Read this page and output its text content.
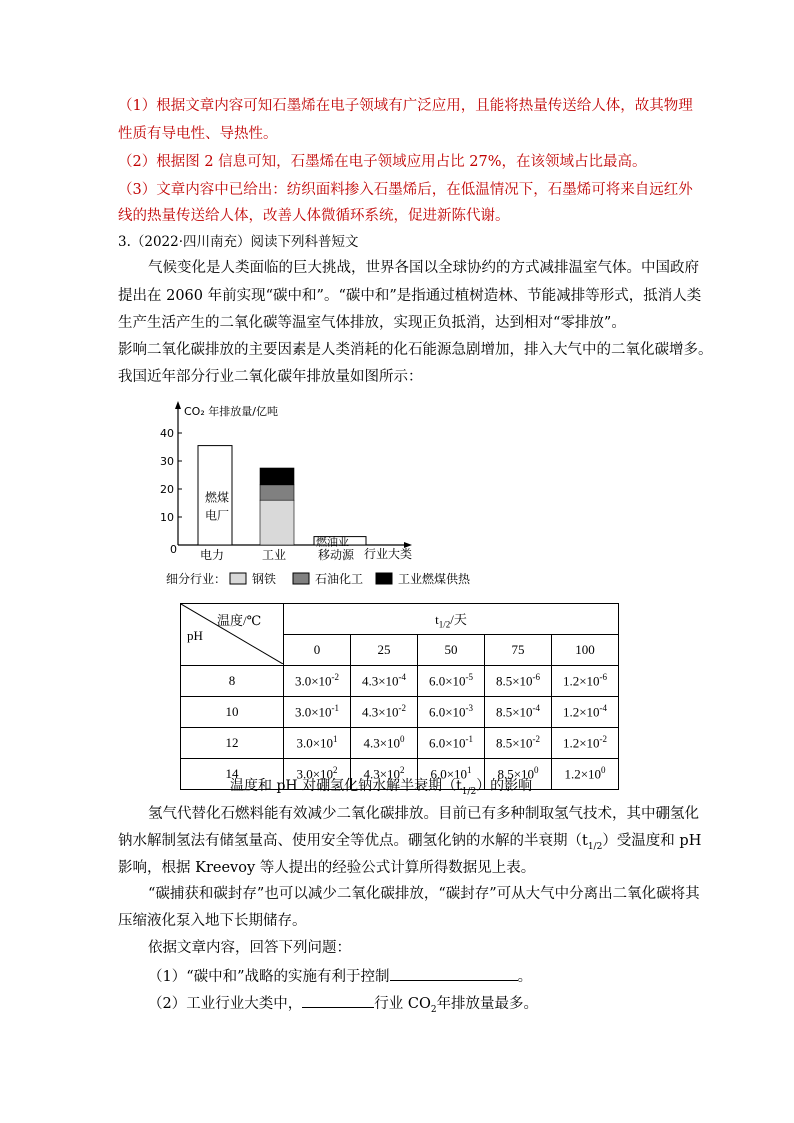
（1）根据文章内容可知石墨烯在电子领域有广泛应用，且能将热量传送给人体，故其物理
性质有导电性、导热性。
（2）根据图 2 信息可知，石墨烯在电子领域应用占比 27%，在该领域占比最高。
（3）文章内容中已给出：纺织面料掺入石墨烯后，在低温情况下，石墨烯可将来自远红外
线的热量传送给人体，改善人体微循环系统，促进新陈代谢。
3.（2022·四川南充）阅读下列科普短文
气候变化是人类面临的巨大挑战，世界各国以全球协约的方式减排温室气体。中国政府
提出在 2060 年前实现“碳中和”。“碳中和”是指通过植树造林、节能减排等形式，抵消人类
生产生活产生的二氧化碳等温室气体排放，实现正负抵消，达到相对“零排放”。
影响二氧化碳排放的主要因素是人类消耗的化石能源急剧增加，排入大气中的二氧化碳增多。
我国近年部分行业二氧化碳年排放量如图所示：
CO₂ 年排放量/亿吨
行业大类
40
30
20
10
0 电力	工业	移动源
燃煤
电厂
燃油业
细分行业： 钢铁	石油化工	工业燃煤供热
温度/℃
pH	$t_{1/2}/$天				
	0	25	50	75	100
8	$3.0\times 10^{-2}$	$4.3\times 10^{-4}$	$6.0\times 10^{-5}$	$8.5\times 10^{-6}$	$1.2\times 10^{-6}$
10	$3.0\times 10^{-1}$	$4.3\times 10^{-2}$	$6.0\times 10^{-3}$	$8.5\times 10^{-4}$	$1.2\times 10^{-4}$
12	$3.0\times 10^1$	$4.3\times 10^0$	$6.0\times 10^{-1}$	$8.5\times 10^{-2}$	$1.2\times 10^{-2}$
14	$3.0\times 10^2$	$4.3\times 10^2$	$6.0\times 10^1$	$8.5\times 10^0$	$1.2\times 10^0$
温度和 pH 对硼氢化钠水解半衰期$(t_{1/2})$的影响
氢气代替化石燃料能有效减少二氧化碳排放。目前已有多种制取氢气技术，其中硼氢化
钠水解制氢法有储氢量高、使用安全等优点。硼氢化钠的水解的半衰期$(t_{1/2})$受温度和 pH
影响，根据 Kreevoy 等人提出的经验公式计算所得数据见上表。
“碳捕获和碳封存”也可以减少二氧化碳排放，“碳封存”可从大气中分离出二氧化碳将其
压缩液化泵入地下长期储存。
依据文章内容，回答下列问题：
（1）“碳中和”战略的实施有利于控制	。
（2）工业行业大类中，	行业 $CO_2$年排放量最多。
